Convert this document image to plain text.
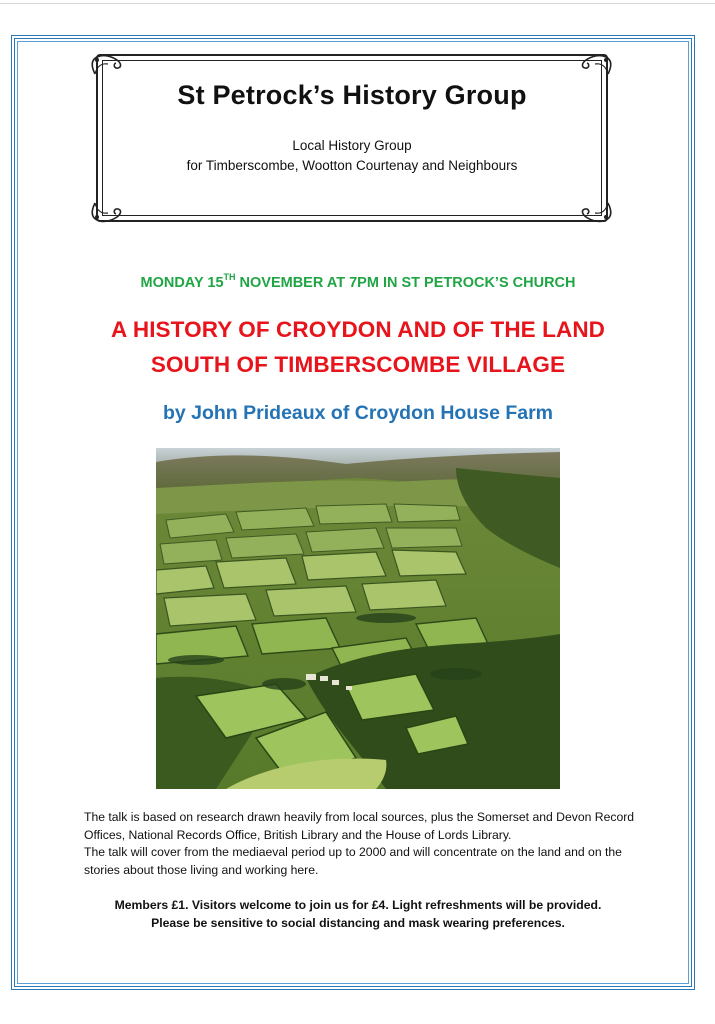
St Petrock’s History Group
Local History Group
for Timberscombe, Wootton Courtenay and Neighbours
MONDAY 15TH NOVEMBER AT 7PM IN ST PETROCK’S CHURCH
A HISTORY OF CROYDON AND OF THE LAND
SOUTH OF TIMBERSCOMBE VILLAGE
by John Prideaux of Croydon House Farm

The talk is based on research drawn heavily from local sources, plus the Somerset and Devon Record Offices, National Records Office, British Library and the House of Lords Library.

The talk will cover from the mediaeval period up to 2000 and will concentrate on the land and on the stories about those living and working here.

Members £1. Visitors welcome to join us for £4. Light refreshments will be provided.
Please be sensitive to social distancing and mask wearing preferences.
